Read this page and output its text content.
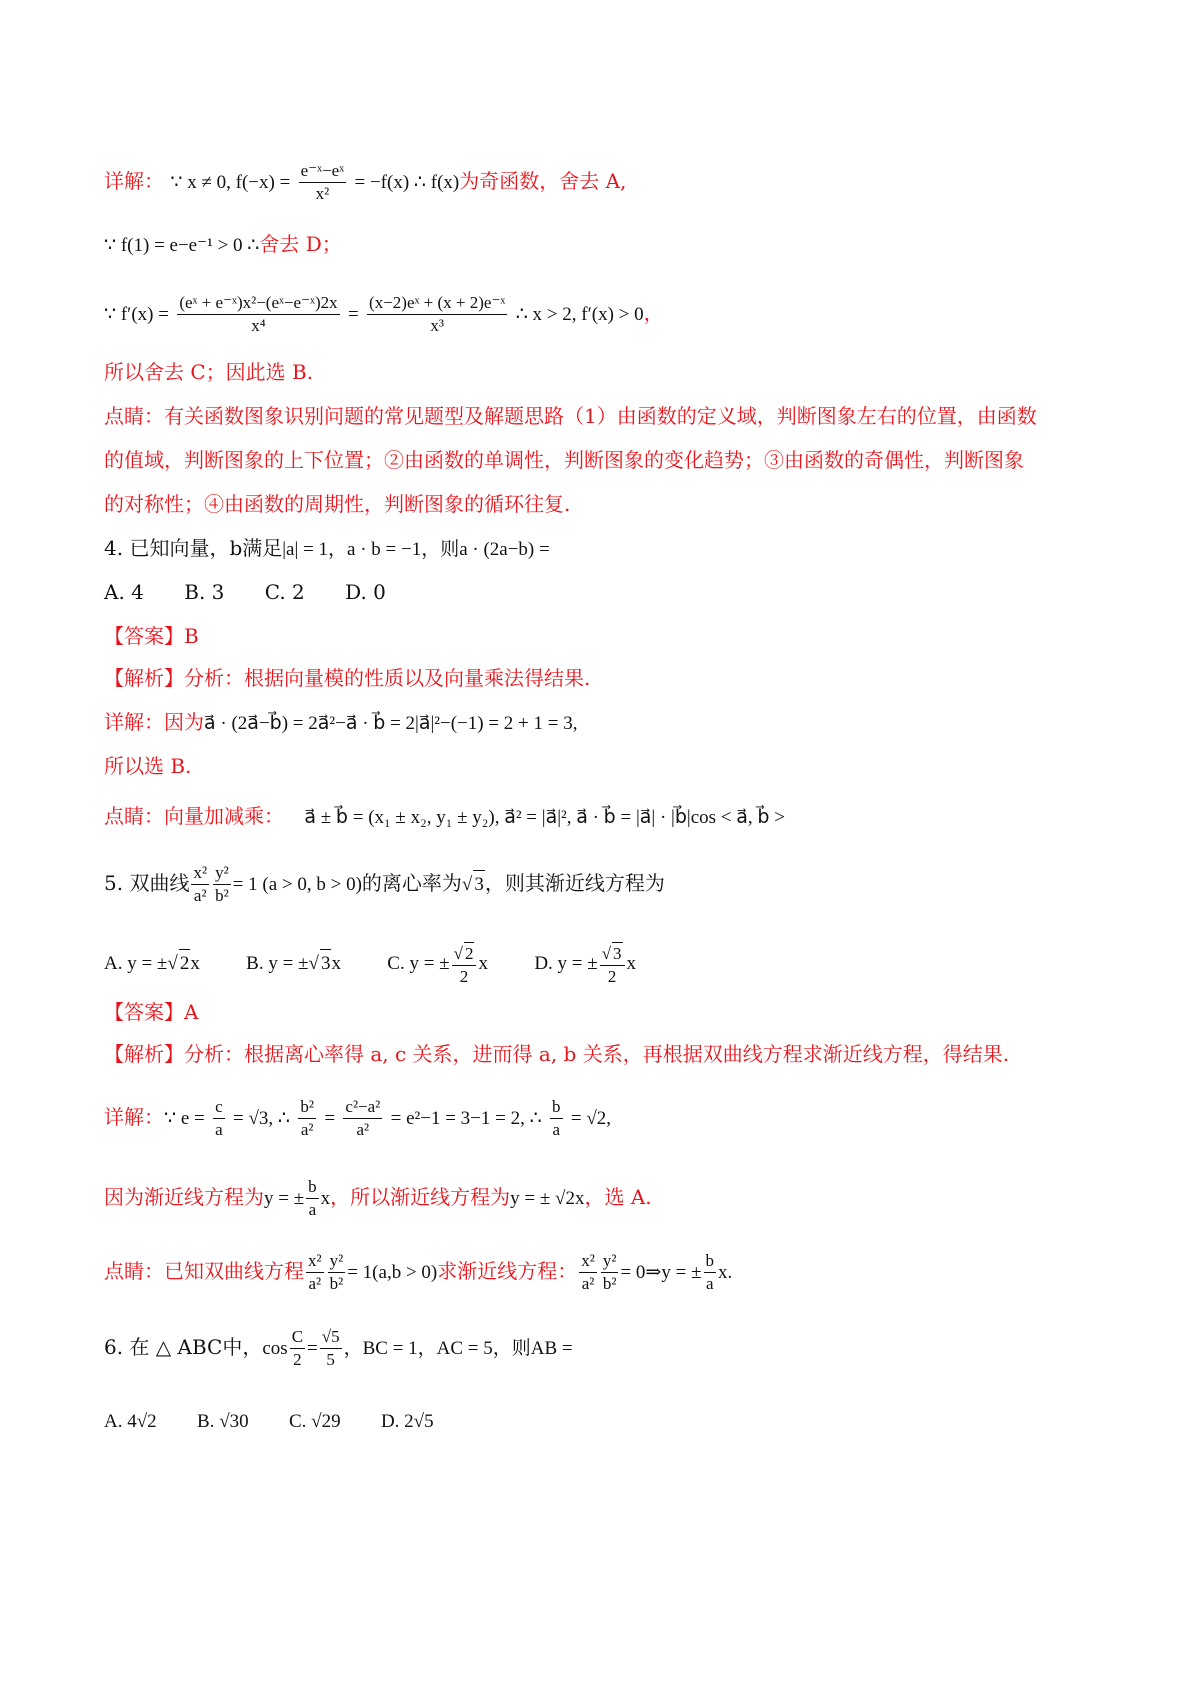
详解： ∵ x ≠ 0, $f(-x) = \frac{\text{e⁻ˣ−eˣ}}{\text{x²}} = -f(x)$ ∴ f(x)为奇函数，舍去 A,
∵ f(1) = e−e⁻¹ > 0 ∴舍去 D；
∵ $f'(x) = \frac{\text{(eˣ + e⁻ˣ)x²−(eˣ−e⁻ˣ)2x}}{\text{x⁴}} = \frac{\text{(x−2)eˣ + (x + 2)e⁻ˣ}}{\text{x³}}$ ∴ x > 2, f′(x) > 0，
所以舍去 C；因此选 B.
点睛：有关函数图象识别问题的常见题型及解题思路（1）由函数的定义域，判断图象左右的位置，由函数
的值域，判断图象的上下位置；②由函数的单调性，判断图象的变化趋势；③由函数的奇偶性，判断图象
的对称性；④由函数的周期性，判断图象的循环往复.
4. 已知向量，b满足|a| = 1，a · b = −1，则a · (2a−b) =
A. 4 B. 3 C. 2 D. 0
【答案】B
【解析】分析：根据向量模的性质以及向量乘法得结果.
详解：因为a⃗ · (2a⃗−b⃗) = 2a⃗²−a⃗ · b⃗ = 2|a⃗|²−(−1) = 2 + 1 = 3,
所以选 B.
点睛：向量加减乘： a⃗ ± b⃗ = (x₁ ± x₂, y₁ ± y₂), a⃗² = |a⃗|², a⃗ · b⃗ = |a⃗| · |b⃗|cos < a⃗, b⃗ >
5. 双曲线 $\frac{\text{x²}}{\text{a²}} \frac{\text{y²}}{\text{b²}} = 1$ (a > 0, b > 0)的离心率为√ 3，则其渐近线方程为
A. y = ±√ 2x B. y = ±√ 3x C. y = ± $\frac{√ 2}{2}$ x D. y = ± $\frac{√ 3}{2}$ x
【答案】A
【解析】分析：根据离心率得 a, c 关系，进而得 a, b 关系，再根据双曲线方程求渐近线方程，得结果.
详解：∵ $e = \frac{c}{a} = √3$, ∴ $\frac{\text{b²}}{\text{a²}} = \frac{\text{c²−a²}}{\text{a²}} = e^2-1 = 3-1 = 2$, ∴ $\frac{b}{a} = √2$,
因为渐近线方程为y = ± $\frac{b}{a}$ x，所以渐近线方程为y = ± √2x，选 A.
点睛：已知双曲线方程 $\frac{\text{x²}}{\text{a²}} \frac{\text{y²}}{\text{b²}} = 1(a,b > 0)$求渐近线方程： $\frac{\text{x²}}{\text{a²}} \frac{\text{y²}}{\text{b²}}$ = 0⇒y = ± $\frac{b}{a} x$.
6. 在 △ ABC中，$\cos \frac{C}{2} = \frac{√5}{5}$ ，BC = 1，AC = 5，则AB =
A. 4√2 B. √30 C. √29 D. 2√5
